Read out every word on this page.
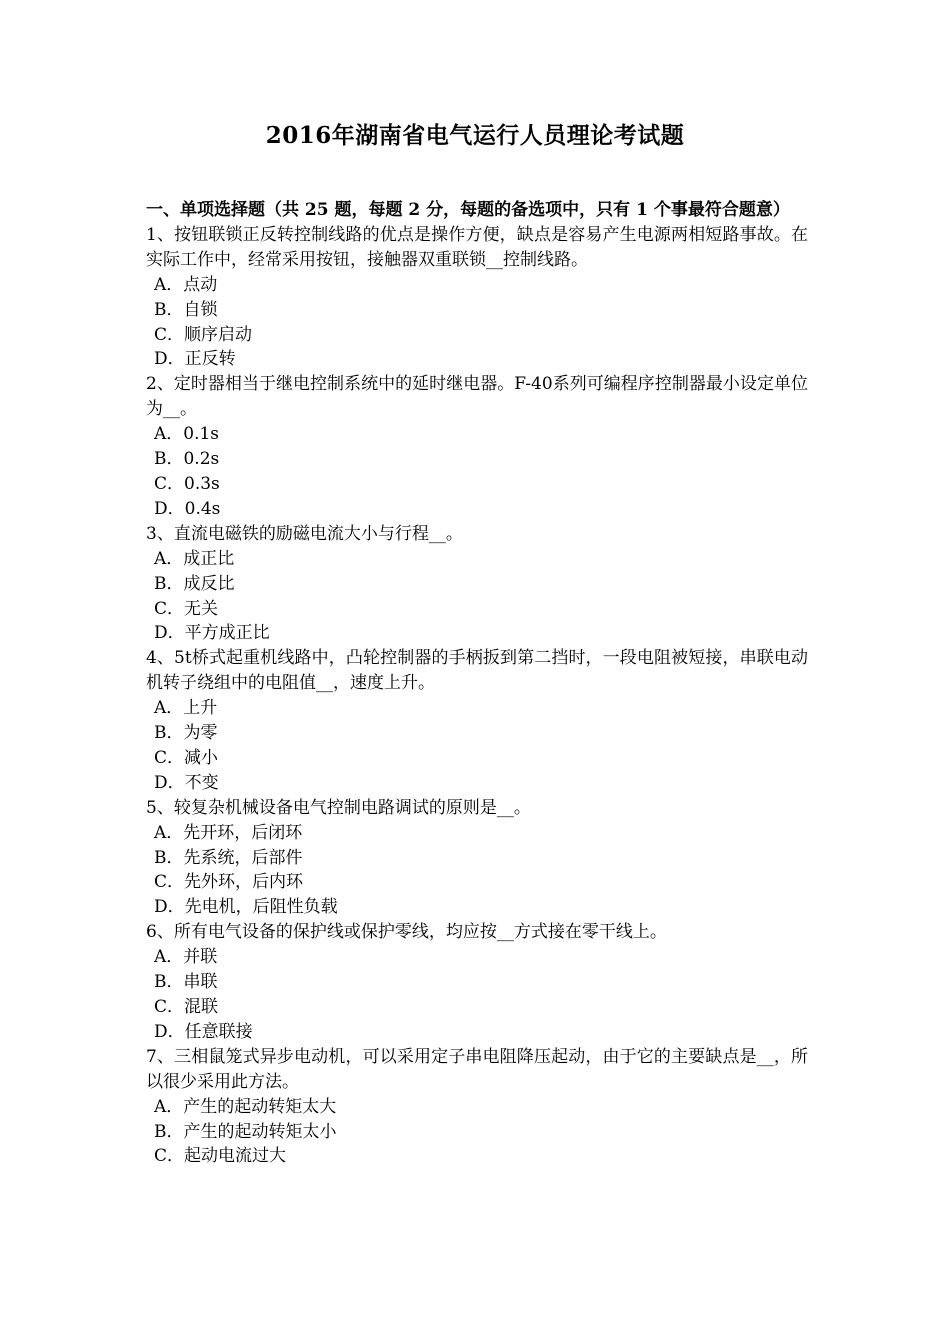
2016年湖南省电气运行人员理论考试题
一、单项选择题（共 25 题，每题 2 分，每题的备选项中，只有 1 个事最符合题意）
1、按钮联锁正反转控制线路的优点是操作方便，缺点是容易产生电源两相短路事故。在实际工作中，经常采用按钮，接触器双重联锁__控制线路。
A．点动
B．自锁
C．顺序启动
D．正反转
2、定时器相当于继电控制系统中的延时继电器。F-40系列可编程序控制器最小设定单位为__。
A．0.1s
B．0.2s
C．0.3s
D．0.4s
3、直流电磁铁的励磁电流大小与行程__。
A．成正比
B．成反比
C．无关
D．平方成正比
4、5t桥式起重机线路中，凸轮控制器的手柄扳到第二挡时，一段电阻被短接，串联电动机转子绕组中的电阻值__，速度上升。
A．上升
B．为零
C．减小
D．不变
5、较复杂机械设备电气控制电路调试的原则是__。
A．先开环，后闭环
B．先系统，后部件
C．先外环，后内环
D．先电机，后阻性负载
6、所有电气设备的保护线或保护零线，均应按__方式接在零干线上。
A．并联
B．串联
C．混联
D．任意联接
7、三相鼠笼式异步电动机，可以采用定子串电阻降压起动，由于它的主要缺点是__，所以很少采用此方法。
A．产生的起动转矩太大
B．产生的起动转矩太小
C．起动电流过大
